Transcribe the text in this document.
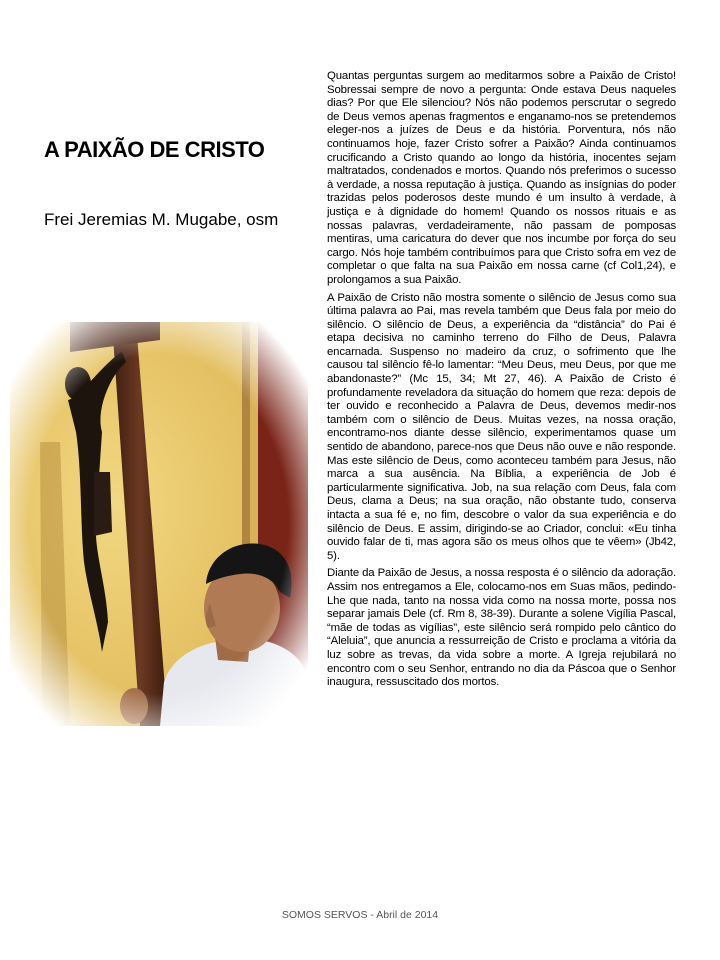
A PAIXÃO DE CRISTO

Frei Jeremias M. Mugabe, osm

Quantas perguntas surgem ao meditarmos sobre a Paixão de Cristo! Sobressai sempre de novo a pergunta: Onde estava Deus naqueles dias? Por que Ele silenciou? Nós não podemos perscrutar o segredo de Deus vemos apenas fragmentos e enganamo-nos se pretendemos eleger-nos a juízes de Deus e da história. Porventura, nós não continuamos hoje, fazer Cristo sofrer a Paixão? Ainda continuamos crucificando a Cristo quando ao longo da história, inocentes sejam maltratados, condenados e mortos. Quando nós preferimos o sucesso à verdade, a nossa reputação à justiça. Quando as insígnias do poder trazidas pelos poderosos deste mundo é um insulto à verdade, à justiça e à dignidade do homem! Quando os nossos rituais e as nossas palavras, verdadeiramente, não passam de pomposas mentiras, uma caricatura do dever que nos incumbe por força do seu cargo. Nós hoje também contribuímos para que Cristo sofra em vez de completar o que falta na sua Paixão em nossa carne (cf Col1,24), e prolongamos a sua Paixão.

A Paixão de Cristo não mostra somente o silêncio de Jesus como sua última palavra ao Pai, mas revela também que Deus fala por meio do silêncio. O silêncio de Deus, a experiência da “distância” do Pai é etapa decisiva no caminho terreno do Filho de Deus, Palavra encarnada. Suspenso no madeiro da cruz, o sofrimento que lhe causou tal silêncio fê-lo lamentar: “Meu Deus, meu Deus, por que me abandonaste?” (Mc 15, 34; Mt 27, 46). A Paixão de Cristo é profundamente reveladora da situação do homem que reza: depois de ter ouvido e reconhecido a Palavra de Deus, devemos medir-nos também com o silêncio de Deus. Muitas vezes, na nossa oração, encontramo-nos diante desse silêncio, experimentamos quase um sentido de abandono, parece-nos que Deus não ouve e não responde. Mas este silêncio de Deus, como aconteceu também para Jesus, não marca a sua ausência. Na Bíblia, a experiência de Job é particularmente significativa. Job, na sua relação com Deus, fala com Deus, clama a Deus; na sua oração, não obstante tudo, conserva intacta a sua fé e, no fim, descobre o valor da sua experiência e do silêncio de Deus. E assim, dirigindo-se ao Criador, conclui: «Eu tinha ouvido falar de ti, mas agora são os meus olhos que te vêem» (Jb42, 5).

Diante da Paixão de Jesus, a nossa resposta é o silêncio da adoração. Assim nos entregamos a Ele, colocamo-nos em Suas mãos, pedindo-Lhe que nada, tanto na nossa vida como na nossa morte, possa nos separar jamais Dele (cf. Rm 8, 38-39). Durante a solene Vigília Pascal, “mãe de todas as vigílias”, este silêncio será rompido pelo cântico do “Aleluia”, que anuncia a ressurreição de Cristo e proclama a vitória da luz sobre as trevas, da vida sobre a morte. A Igreja rejubilará no encontro com o seu Senhor, entrando no dia da Páscoa que o Senhor inaugura, ressuscitado dos mortos.

SOMOS SERVOS - Abril de 2014
